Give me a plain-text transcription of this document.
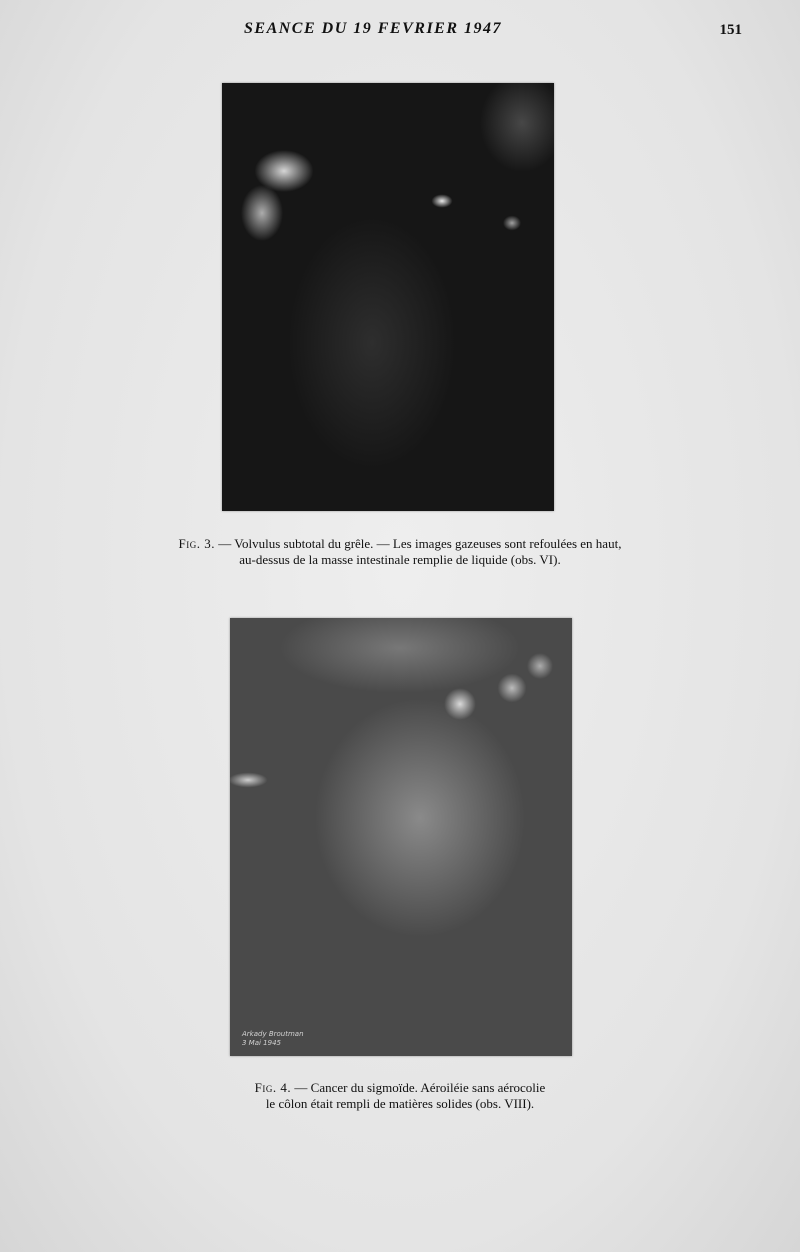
SEANCE DU 19 FEVRIER 1947	151
Fig. 3. — Volvulus subtotal du grêle. — Les images gazeuses sont refoulées en haut,
au-dessus de la masse intestinale remplie de liquide (obs. VI).
Arkady Broutman
3 Mai 1945
Fig. 4. — Cancer du sigmoïde. Aéroiléie sans aérocolie
le côlon était rempli de matières solides (obs. VIII).
